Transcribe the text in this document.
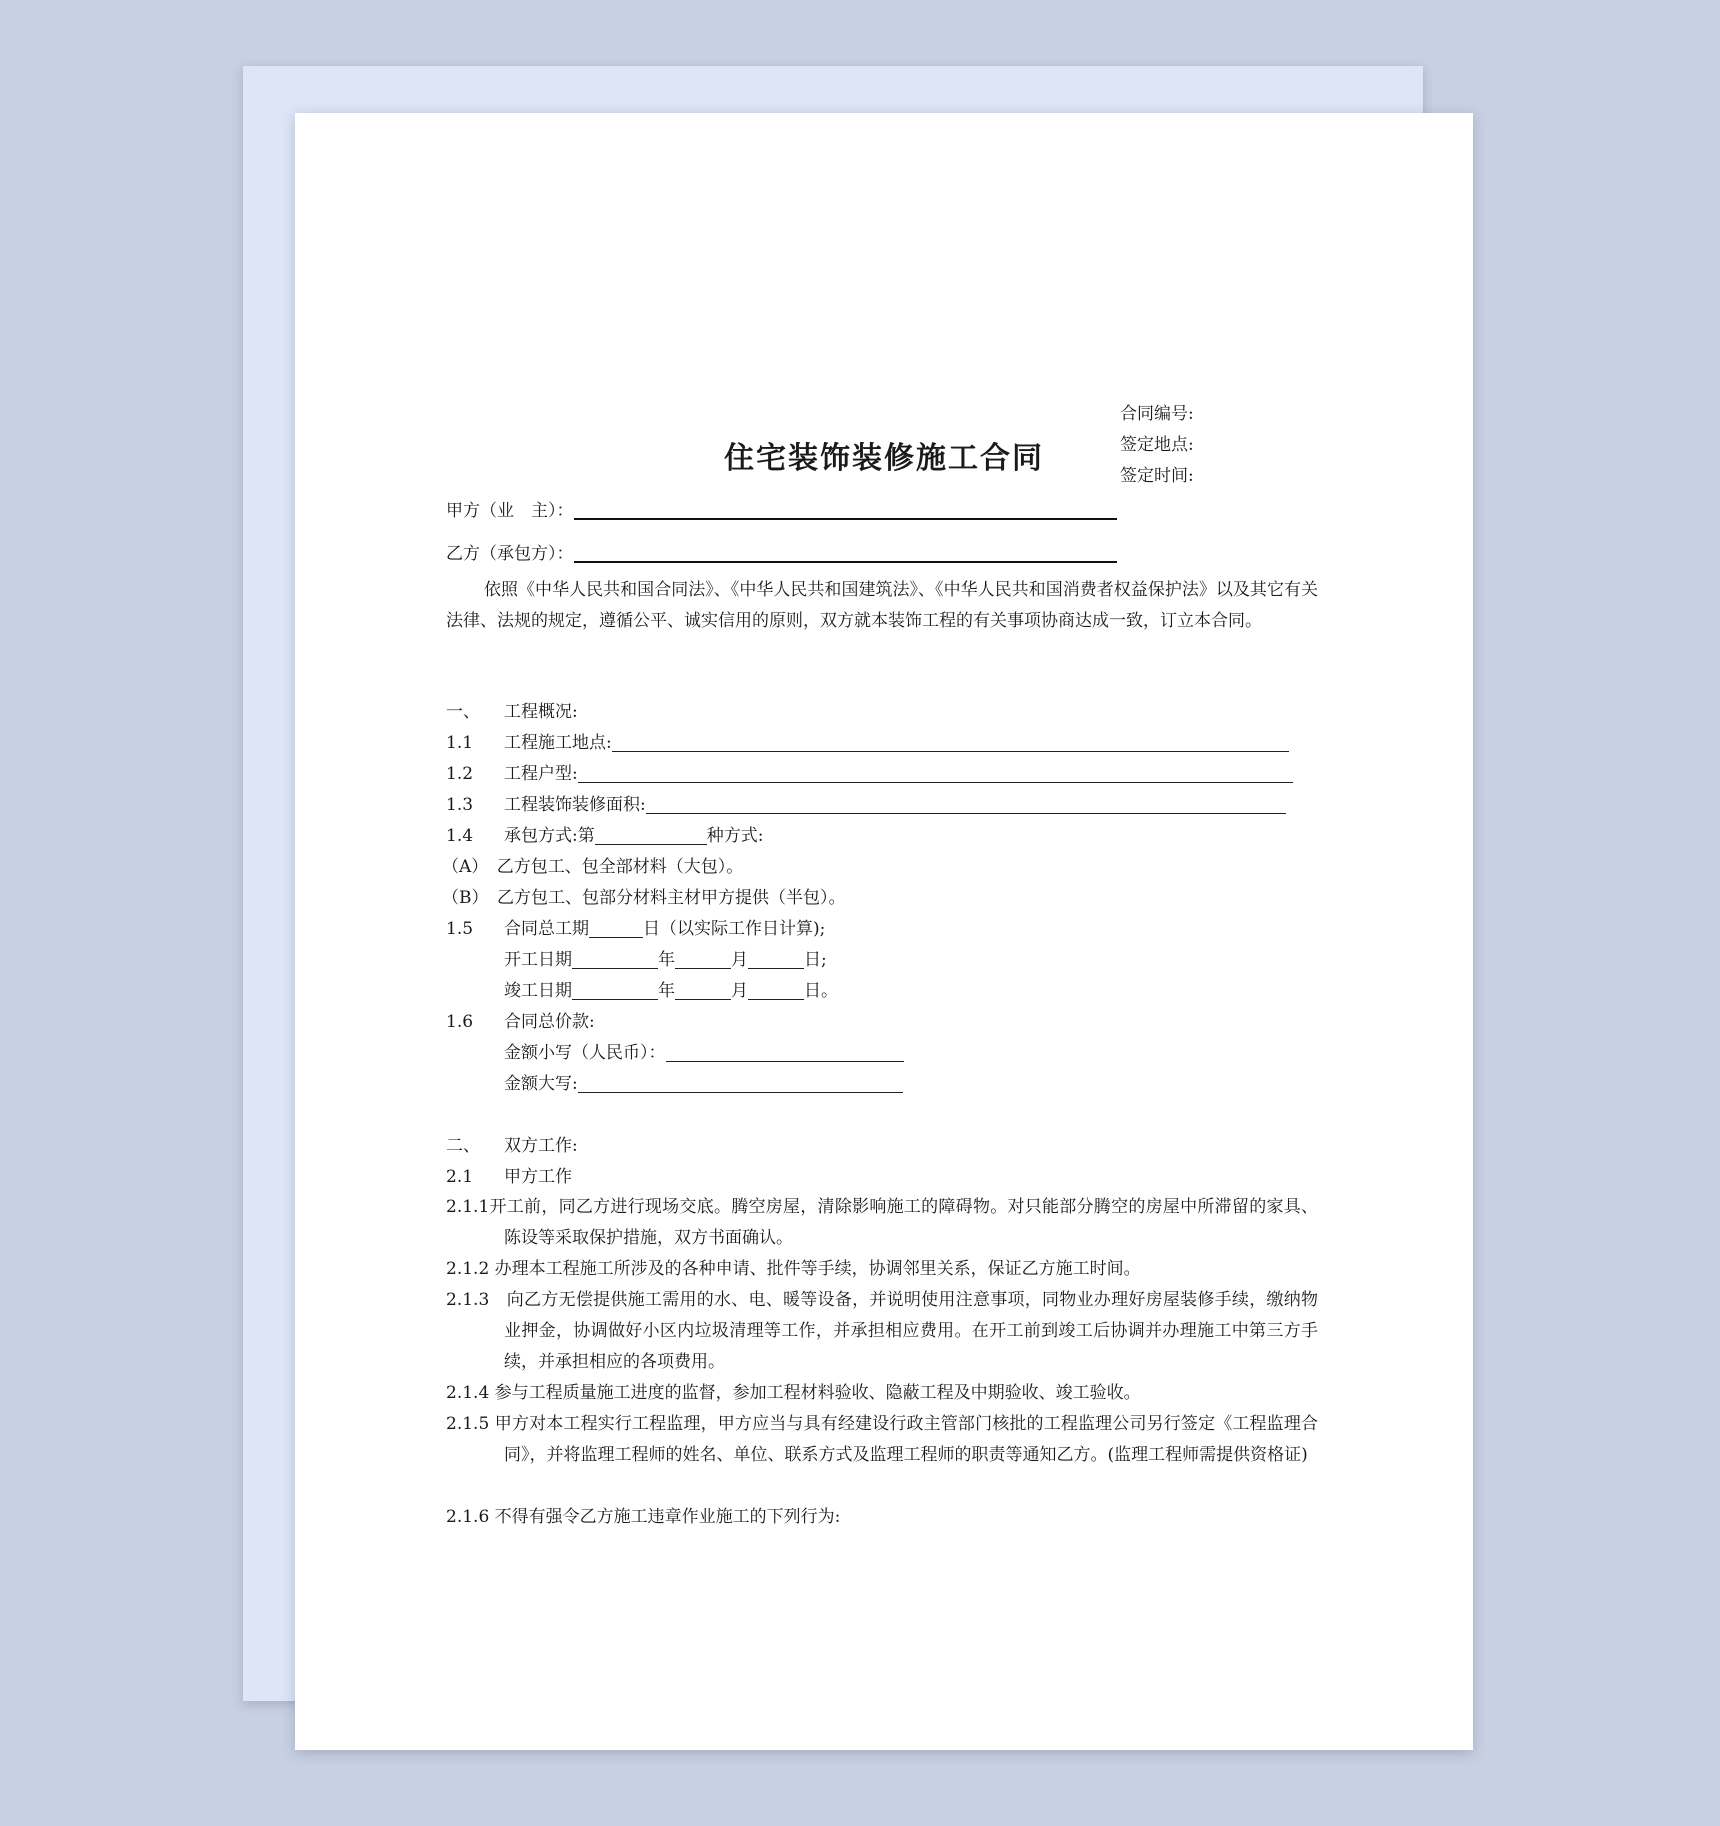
住宅装饰装修施工合同
合同编号:
签定地点:
签定时间:
甲方（业　主）：
乙方（承包方）：
依照《中华人民共和国合同法》、《中华人民共和国建筑法》、《中华人民共和国消费者权益保护法》以及其它有关法律、法规的规定，遵循公平、诚实信用的原则，双方就本装饰工程的有关事项协商达成一致，订立本合同。
一、 工程概况:
1.1 工程施工地点:
1.2 工程户型:
1.3 工程装饰装修面积:
1.4 承包方式:第	种方式:
（A）　乙方包工、包全部材料（大包）。
（B）　乙方包工、包部分材料主材甲方提供（半包）。
1.5 合同总工期	日（以实际工作日计算);
开工日期	年	月	日;
竣工日期	年	月	日。
1.6 合同总价款:
金额小写（人民币）：
金额大写:
二、 双方工作:
2.1 甲方工作
2.1.1开工前，同乙方进行现场交底。腾空房屋，清除影响施工的障碍物。对只能部分腾空的房屋中所滞留的家具、陈设等采取保护措施，双方书面确认。
2.1.2 办理本工程施工所涉及的各种申请、批件等手续，协调邻里关系，保证乙方施工时间。
2.1.3　向乙方无偿提供施工需用的水、电、暖等设备，并说明使用注意事项，同物业办理好房屋装修手续，缴纳物业押金，协调做好小区内垃圾清理等工作，并承担相应费用。在开工前到竣工后协调并办理施工中第三方手续，并承担相应的各项费用。
2.1.4 参与工程质量施工进度的监督，参加工程材料验收、隐蔽工程及中期验收、竣工验收。
2.1.5 甲方对本工程实行工程监理，甲方应当与具有经建设行政主管部门核批的工程监理公司另行签定《工程监理合同》，并将监理工程师的姓名、单位、联系方式及监理工程师的职责等通知乙方。(监理工程师需提供资格证)
2.1.6 不得有强令乙方施工违章作业施工的下列行为:
